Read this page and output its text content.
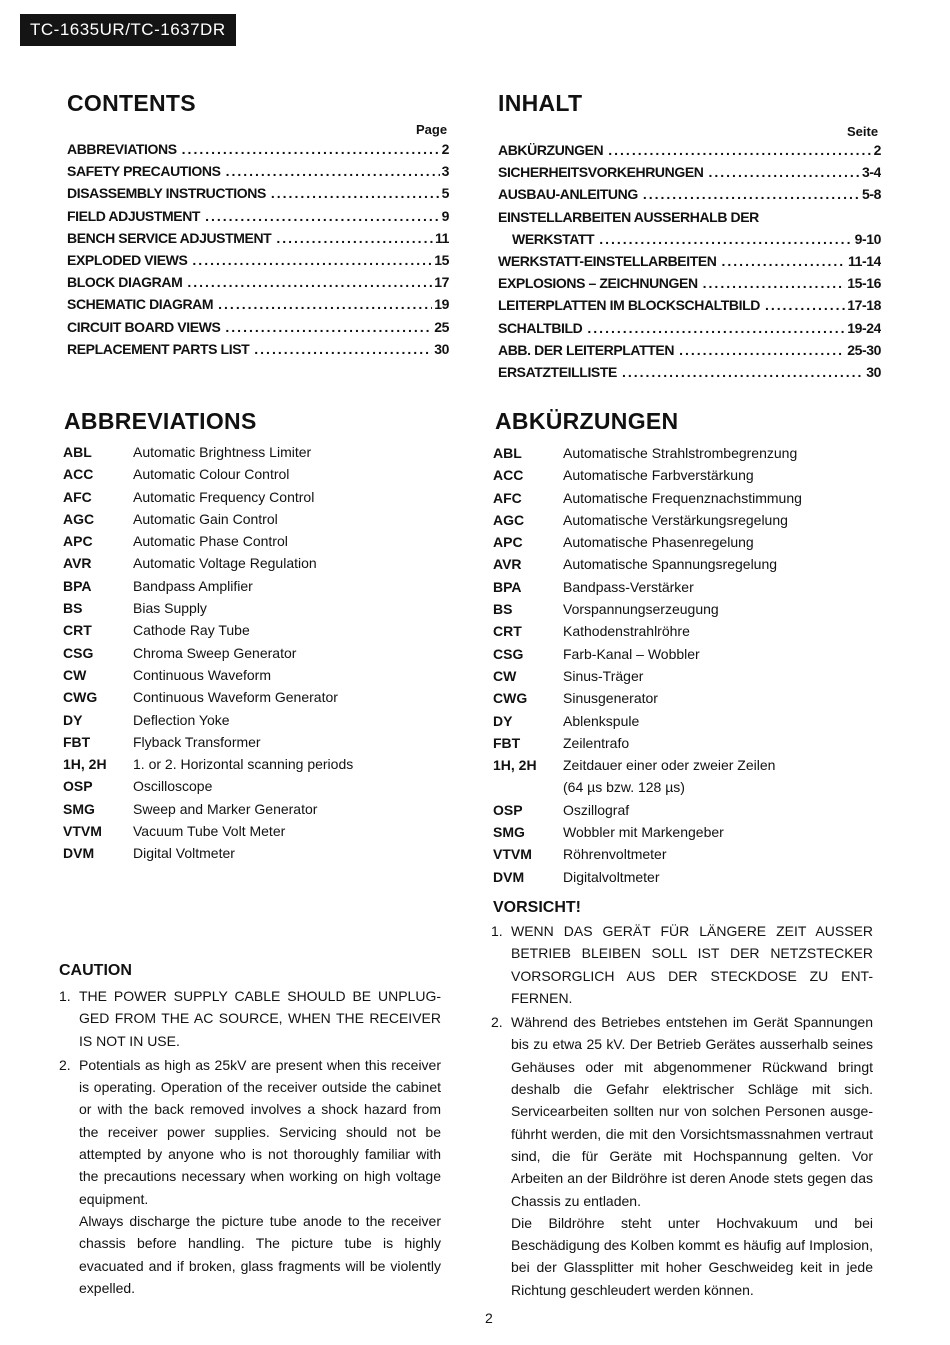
TC-1635UR/TC-1637DR
CONTENTS
Page
ABBREVIATIONS .....	2
SAFETY PRECAUTIONS .....	3
DISASSEMBLY INSTRUCTIONS .....	5
FIELD ADJUSTMENT .....	9
BENCH SERVICE ADJUSTMENT .....	11
EXPLODED VIEWS .....	15
BLOCK DIAGRAM .....	17
SCHEMATIC DIAGRAM .....	19
CIRCUIT BOARD VIEWS .....	25
REPLACEMENT PARTS LIST .....	30
ABBREVIATIONS
ABL	Automatic Brightness Limiter
ACC	Automatic Colour Control
AFC	Automatic Frequency Control
AGC	Automatic Gain Control
APC	Automatic Phase Control
AVR	Automatic Voltage Regulation
BPA	Bandpass Amplifier
BS	Bias Supply
CRT	Cathode Ray Tube
CSG	Chroma Sweep Generator
CW	Continuous Waveform
CWG	Continuous Waveform Generator
DY	Deflection Yoke
FBT	Flyback Transformer
1H, 2H	1. or 2. Horizontal scanning periods
OSP	Oscilloscope
SMG	Sweep and Marker Generator
VTVM	Vacuum Tube Volt Meter
DVM	Digital Voltmeter
CAUTION
1. THE POWER SUPPLY CABLE SHOULD BE UNPLUG-GED FROM THE AC SOURCE, WHEN THE RECEIVER IS NOT IN USE.
2. Potentials as high as 25kV are present when this receiver is operating. Operation of the receiver outside the cabinet or with the back removed involves a shock hazard from the receiver power supplies. Servicing should not be attempted by anyone who is not thoroughly familiar with the precautions necessary when working on high voltage equipment.

Always discharge the picture tube anode to the receiver chassis before handling. The picture tube is highly evacuated and if broken, glass fragments will be violently expelled.

INHALT
Seite
ABKÜRZUNGEN .....	2
SICHERHEITSVORKEHRUNGEN .....	3-4
AUSBAU-ANLEITUNG .....	5-8
EINSTELLARBEITEN AUSSERHALB DER
WERKSTATT .....	9-10
WERKSTATT-EINSTELLARBEITEN .....	11-14
EXPLOSIONS – ZEICHNUNGEN .....	15-16
LEITERPLATTEN IM BLOCKSCHALTBILD .....	17-18
SCHALTBILD .....	19-24
ABB. DER LEITERPLATTEN .....	25-30
ERSATZTEILLISTE .....	30
ABKÜRZUNGEN
ABL	Automatische Strahlstrombegrenzung
ACC	Automatische Farbverstärkung
AFC	Automatische Frequenznachstimmung
AGC	Automatische Verstärkungsregelung
APC	Automatische Phasenregelung
AVR	Automatische Spannungsregelung
BPA	Bandpass-Verstärker
BS	Vorspannungserzeugung
CRT	Kathodenstrahlröhre
CSG	Farb-Kanal – Wobbler
CW	Sinus-Träger
CWG	Sinusgenerator
DY	Ablenkspule
FBT	Zeilentrafo
1H, 2H	Zeitdauer einer oder zweier Zeilen
(64 µs bzw. 128 µs)
OSP	Oszillograf
SMG	Wobbler mit Markengeber
VTVM	Röhrenvoltmeter
DVM	Digitalvoltmeter
VORSICHT!
1. WENN DAS GERÄT FÜR LÄNGERE ZEIT AUSSER BETRIEB BLEIBEN SOLL IST DER NETZSTECKER VORSORGLICH AUS DER STECKDOSE ZU ENT-FERNEN.
2. Während des Betriebes entstehen im Gerät Spannungen bis zu etwa 25 kV. Der Betrieb Gerätes ausserhalb seines Gehäuses oder mit abgenommener Rückwand bringt deshalb die Gefahr elektrischer Schläge mit sich. Servicearbeiten sollten nur von solchen Personen ausge-führht werden, die mit den Vorsichtsmassnahmen vertraut sind, die für Geräte mit Hochspannung gelten. Vor Arbeiten an der Bildröhre ist deren Anode stets gegen das Chassis zu entladen.

Die Bildröhre steht unter Hochvakuum und bei Beschädigung des Kolben kommt es häufig auf Implosion, bei der Glassplitter mit hoher Geschweideg keit in jede Richtung geschleudert werden können.

2
